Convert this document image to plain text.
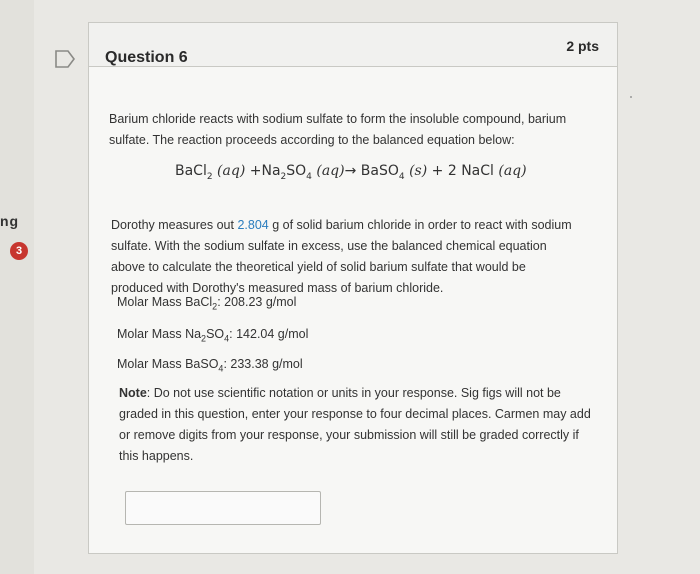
ng
3
Question 6
2 pts

Barium chloride reacts with sodium sulfate to form the insoluble compound, barium sulfate. The reaction proceeds according to the balanced equation below:

BaCl$_2$ $(aq) +Na_2SO_4$ (aq)→ BaSO$_4$ (s) + 2 NaCl (aq)
Dorothy measures out 2.804 g of solid barium chloride in order to react with sodium sulfate. With the sodium sulfate in excess, use the balanced chemical equation above to calculate the theoretical yield of solid barium sulfate that would be produced with Dorothy's measured mass of barium chloride.
Molar Mass BaCl$_2$: 208.23 g/mol
Molar Mass $Na_2SO_4$: 142.04 g/mol
Molar Mass BaSO$_4$: 233.38 g/mol
Note: Do not use scientific notation or units in your response. Sig figs will not be graded in this question, enter your response to four decimal places. Carmen may add or remove digits from your response, your submission will still be graded correctly if this happens.
